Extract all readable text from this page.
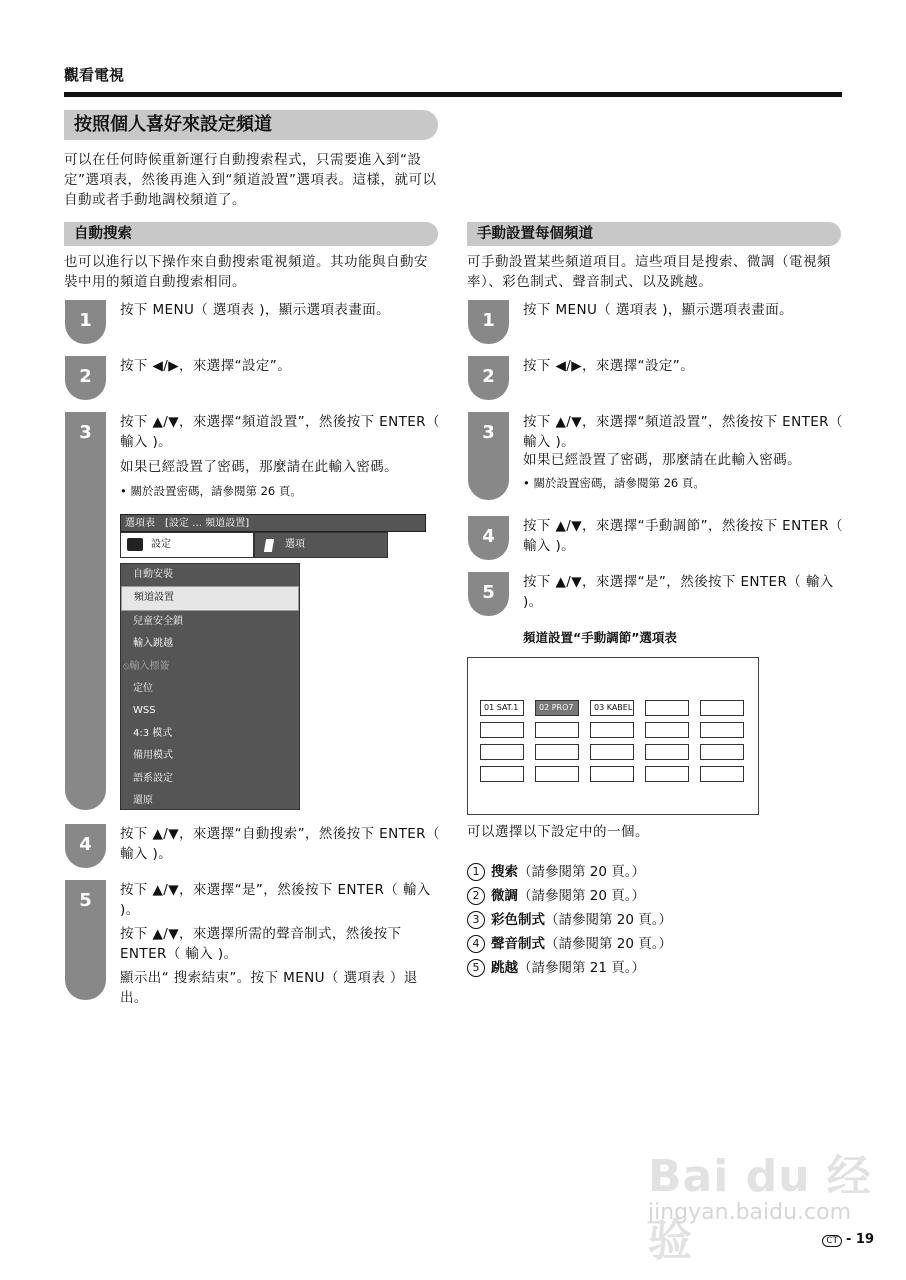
觀看電視
按照個人喜好來設定頻道
可以在任何時候重新運行自動搜索程式，只需要進入到“設定”選項表，然後再進入到“頻道設置”選項表。這樣，就可以自動或者手動地調校頻道了。
自動搜索
也可以進行以下操作來自動搜索電視頻道。其功能與自動安裝中用的頻道自動搜索相同。
1	按下 MENU（ 選項表 )，顯示選項表畫面。
2	按下 ◀/▶，來選擇“設定”。
3	按下 ▲/▼，來選擇“頻道設置”，然後按下 ENTER（ 輸入 )。
如果已經設置了密碼，那麼請在此輸入密碼。
• 關於設置密碼，請參閱第 26 頁。
選項表　[設定 … 頻道設置]
設定	選項
自動安裝
頻道設置
兒童安全鎖
輸入跳越
⦸輸入標簽
定位
WSS
4:3 模式
備用模式
語系設定
還原
4	按下 ▲/▼，來選擇“自動搜索”，然後按下 ENTER（ 輸入 )。
5	按下 ▲/▼，來選擇“是”，然後按下 ENTER（ 輸入 )。
按下 ▲/▼，來選擇所需的聲音制式，然後按下 ENTER（ 輸入 )。
顯示出“ 搜索結束”。按下 MENU（ 選項表 ）退出。
手動設置每個頻道
可手動設置某些頻道項目。這些項目是搜索、微調（電視頻率）、彩色制式、聲音制式、以及跳越。
1	按下 MENU（ 選項表 )，顯示選項表畫面。
2	按下 ◀/▶，來選擇“設定”。
3	按下 ▲/▼，來選擇“頻道設置”，然後按下 ENTER（ 輸入 )。
如果已經設置了密碼，那麼請在此輸入密碼。
• 關於設置密碼，請參閱第 26 頁。
4	按下 ▲/▼，來選擇“手動調節”，然後按下 ENTER（ 輸入 )。
5	按下 ▲/▼，來選擇“是”，然後按下 ENTER（ 輸入 )。
頻道設置“手動調節”選項表
01 SAT.1	02 PRO7	03 KABEL
可以選擇以下設定中的一個。
1 搜索（請參閱第 20 頁。）
2 微調（請參閱第 20 頁。）
3 彩色制式（請參閱第 20 頁。）
4 聲音制式（請參閱第 20 頁。）
5 跳越（請參閱第 21 頁。）
Bai du 经验
jingyan.baidu.com
CT - 19
